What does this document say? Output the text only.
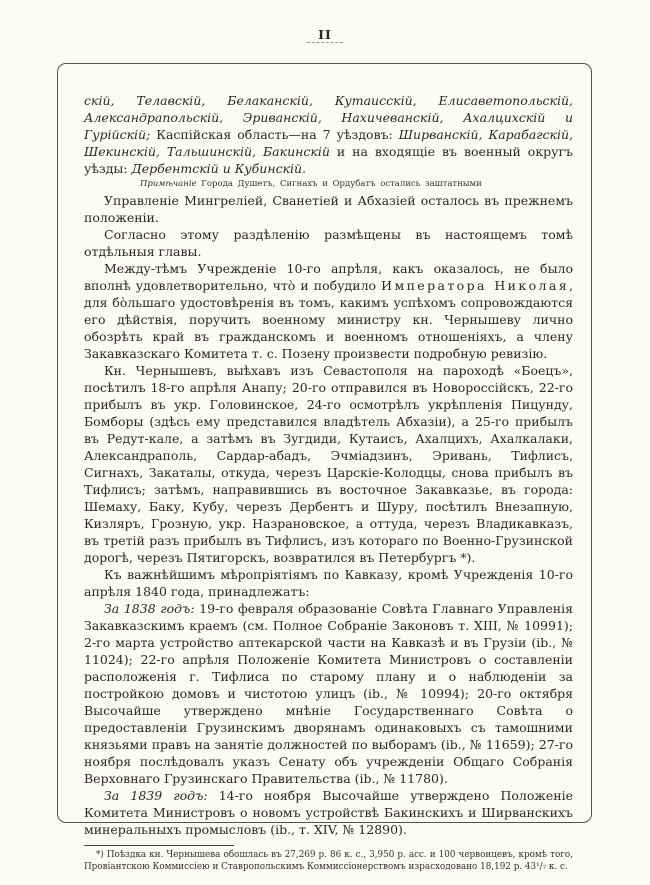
II

скій, Телавскій, Белаканскій, Кутаисскій, Елисаветопольскій, Александрапольскій, Эриванскій, Нахичеванскій, Ахалцихскій и Гурійскій; Каспійская область—на 7 уѣздовъ: Ширванскій, Карабагскій, Шекинскій, Тальшинскій, Бакинскій и на входящіе въ военный округъ уѣзды: Дербентскій и Кубинскій.

Примѣчаніе Города Душетъ, Сигнахъ и Ордубатъ остались заштатными

Управленіе Мингреліей, Сванетіей и Абхазіей осталось въ прежнемъ положеніи.

Согласно этому раздѣленію размѣщены въ настоящемъ томѣ отдѣльныя главы.

Между-тѣмъ Учрежденіе 10-го апрѣля, какъ оказалось, не было вполнѣ удовлетворительно, что̀ и побудило Императора Николая, для бо̀льшаго удостовѣренія въ томъ, какимъ успѣхомъ сопровождаются его дѣйствія, поручить военному министру кн. Чернышеву лично обозрѣть край въ гражданскомъ и военномъ отношеніяхъ, а члену Закавказскаго Комитета т. с. Позену произвести подробную ревизію.

Кн. Чернышевъ, выѣхавъ изъ Севастополя на пароходѣ «Боецъ», посѣтилъ 18-го апрѣля Анапу; 20-го отправился въ Новороссійскъ, 22-го прибылъ въ укр. Головинское, 24-го осмотрѣлъ укрѣпленія Пицунду, Бомборы (здѣсь ему представился владѣтель Абхазіи), а 25-го прибылъ въ Редут-кале, а затѣмъ въ Зугдиди, Кутаисъ, Ахалцихъ, Ахалкалаки, Александраполь, Сардар-абадъ, Эчміадзинъ, Эривань, Тифлисъ, Сигнахъ, Закаталы, откуда, черезъ Царскіе-Колодцы, снова прибылъ въ Тифлисъ; затѣмъ, направившись въ восточное Закавказье, въ города: Шемаху, Баку, Кубу, черезъ Дербентъ и Шуру, посѣтилъ Внезапную, Кизляръ, Грозную, укр. Назрановское, а оттуда, черезъ Владикавказъ, въ третій разъ прибылъ въ Тифлисъ, изъ котораго по Военно-Грузинской дорогѣ, черезъ Пятигорскъ, возвратился въ Петербургъ *).

Къ важнѣйшимъ мѣропріятіямъ по Кавказу, кромѣ Учрежденія 10-го апрѣля 1840 года, принадлежатъ:

За 1838 годъ: 19-го февраля образованіе Совѣта Главнаго Управленія Закавказскимъ краемъ (см. Полное Собраніе Законовъ т. XIII, № 10991); 2-го марта устройство аптекарской части на Кавказѣ и въ Грузіи (ib., № 11024); 22-го апрѣля Положеніе Комитета Министровъ о составленіи расположенія г. Тифлиса по старому плану и о наблюденіи за постройкою домовъ и чистотою улицъ (ib., № 10994); 20-го октября Высочайше утверждено мнѣніе Государственнаго Совѣта о предоставленіи Грузинскимъ дворянамъ одинаковыхъ съ тамошними князьями правъ на занятіе должностей по выборамъ (ib., № 11659); 27-го ноября послѣдовалъ указъ Сенату объ учрежденіи Общаго Собранія Верховнаго Грузинскаго Правительства (ib., № 11780).

За 1839 годъ: 14-го ноября Высочайше утверждено Положеніе Комитета Министровъ о новомъ устройствѣ Бакинскихъ и Ширванскихъ минеральныхъ промысловъ (ib., т. XIV, № 12890).

*) Поѣздка кн. Чернышева обошлась въ 27,269 р. 86 к. с., 3,950 р. асс. и 100 червонцевъ, кромѣ того, Провіантскою Коммиссіею и Ставропольскимъ Коммиссіонерствомъ израсходовано 18,192 р. 43¹/₇ к. с.
